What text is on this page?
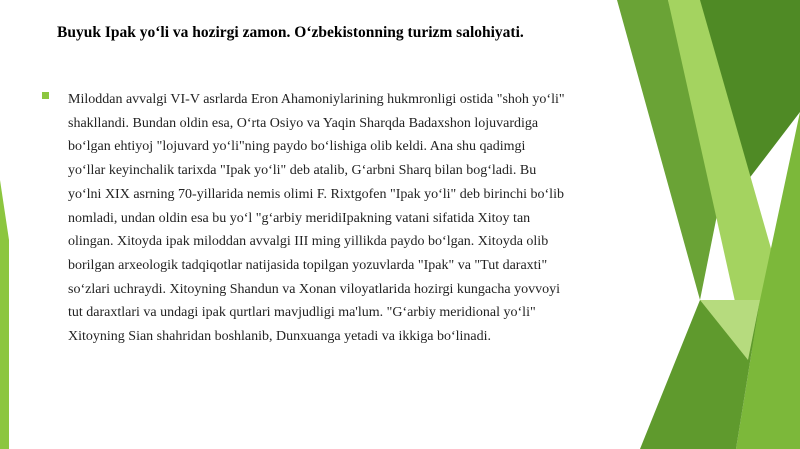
Buyuk Ipak yo‘li va hozirgi zamon. O‘zbekistonning turizm salohiyati.
Miloddan avvalgi VI-V asrlarda Eron Ahamoniylarining hukmronligi ostida "shoh yo‘li"
shakllandi. Bundan oldin esa, O‘rta Osiyo va Yaqin Sharqda Badaxshon lojuvardiga
bo‘lgan ehtiyoj "lojuvard yo‘li"ning paydo bo‘lishiga olib keldi. Ana shu qadimgi
yo‘llar keyinchalik tarixda "Ipak yo‘li" deb atalib, G‘arbni Sharq bilan bog‘ladi. Bu
yo‘lni XIX asrning 70-yillarida nemis olimi F. Rixtgofen "Ipak yo‘li" deb birinchi bo‘lib
nomladi, undan oldin esa bu yo‘l "g‘arbiy meridiIpakning vatani sifatida Xitoy tan
olingan. Xitoyda ipak miloddan avvalgi III ming yillikda paydo bo‘lgan. Xitoyda olib
borilgan arxeologik tadqiqotlar natijasida topilgan yozuvlarda "Ipak" va "Tut daraxti"
so‘zlari uchraydi. Xitoyning Shandun va Xonan viloyatlarida hozirgi kungacha yovvoyi
tut daraxtlari va undagi ipak qurtlari mavjudligi ma'lum. "G‘arbiy meridional yo‘li"
Xitoyning Sian shahridan boshlanib, Dunxuanga yetadi va ikkiga bo‘linadi.
